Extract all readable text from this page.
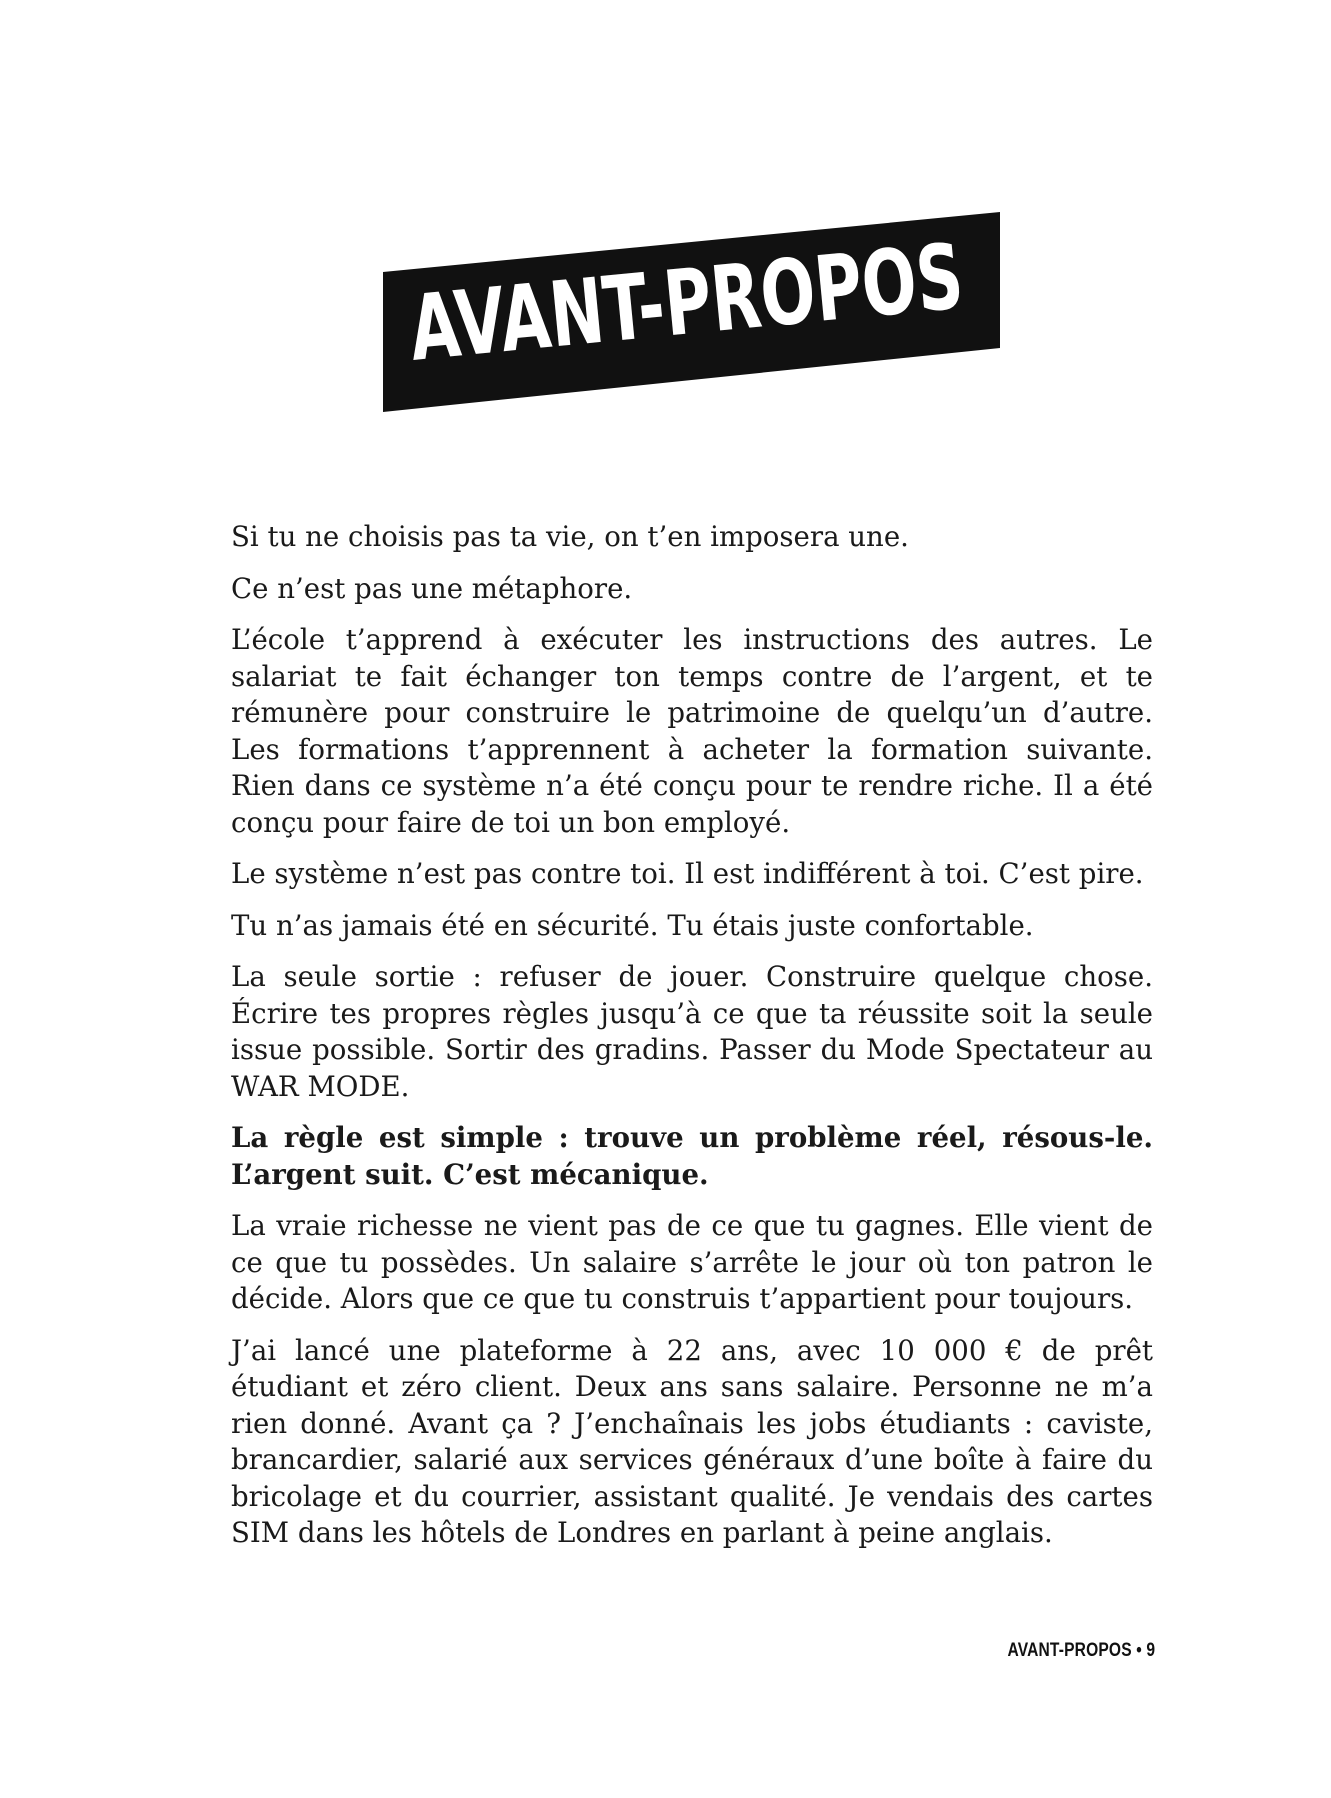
AVANT-PROPOS

Si tu ne choisis pas ta vie, on t’en imposera une.

Ce n’est pas une métaphore.

L’école t’apprend à exécuter les instructions des autres. Le salariat te fait échanger ton temps contre de l’argent, et te rémunère pour construire le patrimoine de quelqu’un d’autre. Les formations t’apprennent à acheter la formation suivante. Rien dans ce système n’a été conçu pour te rendre riche. Il a été conçu pour faire de toi un bon employé.

Le système n’est pas contre toi. Il est indifférent à toi. C’est pire.

Tu n’as jamais été en sécurité. Tu étais juste confortable.

La seule sortie : refuser de jouer. Construire quelque chose. Écrire tes propres règles jusqu’à ce que ta réussite soit la seule issue possible. Sortir des gradins. Passer du Mode Spectateur au WAR MODE.

La règle est simple : trouve un problème réel, résous-le. L’argent suit. C’est mécanique.

La vraie richesse ne vient pas de ce que tu gagnes. Elle vient de ce que tu possèdes. Un salaire s’arrête le jour où ton patron le décide. Alors que ce que tu construis t’appartient pour toujours.

J’ai lancé une plateforme à 22 ans, avec 10 000 € de prêt étudiant et zéro client. Deux ans sans salaire. Personne ne m’a rien donné. Avant ça ? J’enchaînais les jobs étudiants : caviste, brancardier, salarié aux services généraux d’une boîte à faire du bricolage et du courrier, assistant qualité. Je vendais des cartes SIM dans les hôtels de Londres en parlant à peine anglais.

AVANT-PROPOS • 9
